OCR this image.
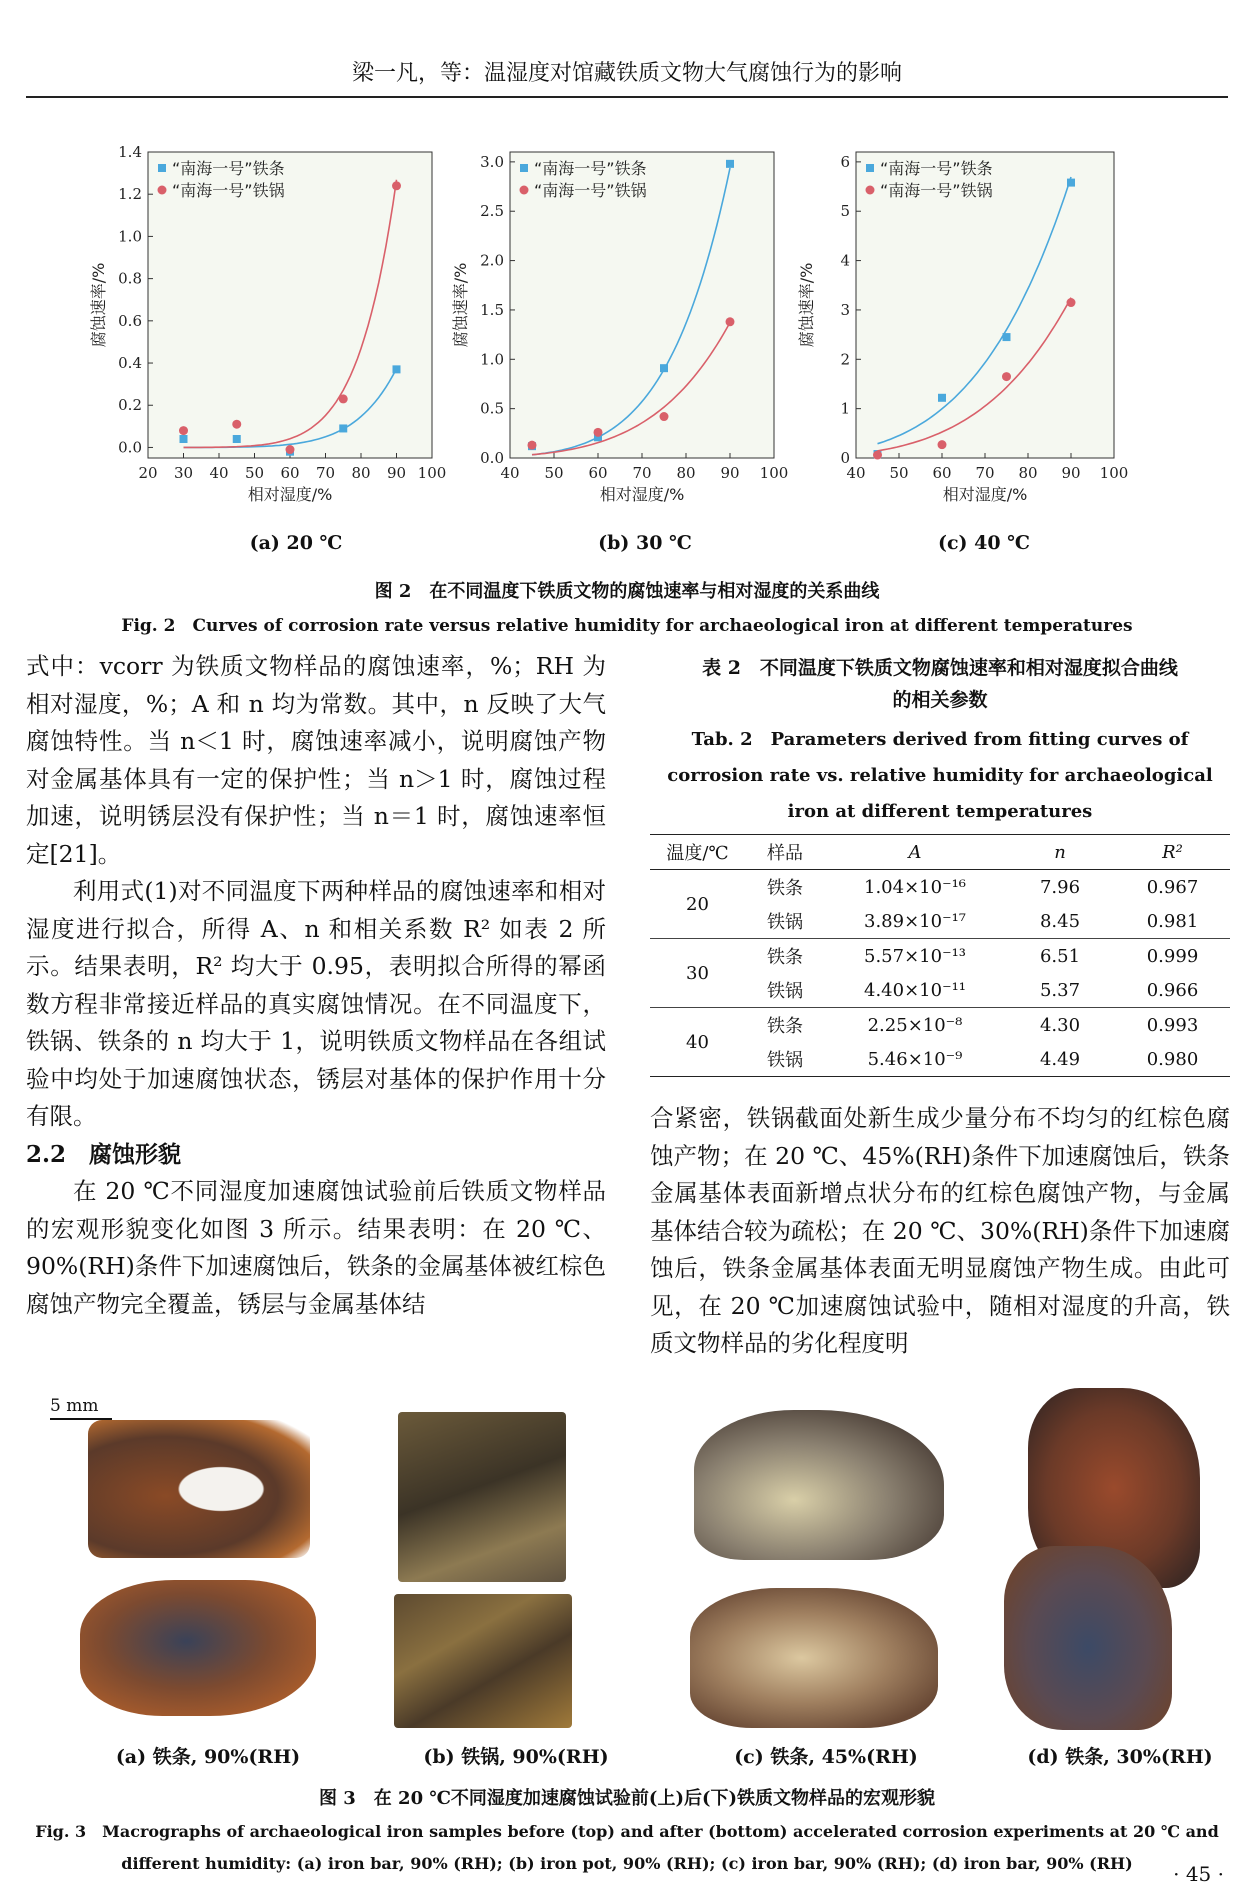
梁一凡，等：温湿度对馆藏铁质文物大气腐蚀行为的影响
20 30 40 50 60 70 80 90 100
0.0
0.2
0.4
0.6
0.8
1.0
1.2
1.4
相对湿度/%
腐蚀速率/%
“南海一号”铁条
“南海一号”铁锅
40 50 60 70 80 90 100
0.0
0.5
1.0
1.5
2.0
2.5
3.0
相对湿度/%
腐蚀速率/%
“南海一号”铁条
“南海一号”铁锅
40 50 60 70 80 90 100
0
1
2
3
4
5
6
相对湿度/%
腐蚀速率/%
“南海一号”铁条
“南海一号”铁锅
(a) 20 ℃	(b) 30 ℃	(c) 40 ℃
图 2　在不同温度下铁质文物的腐蚀速率与相对湿度的关系曲线
Fig. 2　Curves of corrosion rate versus relative humidity for archaeological iron at different temperatures

式中：vcorr 为铁质文物样品的腐蚀速率，%；RH 为相对湿度，%；A 和 n 均为常数。其中，n 反映了大气腐蚀特性。当 n＜1 时，腐蚀速率减小，说明腐蚀产物对金属基体具有一定的保护性；当 n＞1 时，腐蚀过程加速，说明锈层没有保护性；当 n＝1 时，腐蚀速率恒定[21]。

利用式(1)对不同温度下两种样品的腐蚀速率和相对湿度进行拟合，所得 A、n 和相关系数 R² 如表 2 所示。结果表明，R² 均大于 0.95，表明拟合所得的幂函数方程非常接近样品的真实腐蚀情况。在不同温度下，铁锅、铁条的 n 均大于 1，说明铁质文物样品在各组试验中均处于加速腐蚀状态，锈层对基体的保护作用十分有限。

2.2　腐蚀形貌

在 20 ℃不同湿度加速腐蚀试验前后铁质文物样品的宏观形貌变化如图 3 所示。结果表明：在 20 ℃、90%(RH)条件下加速腐蚀后，铁条的金属基体被红棕色腐蚀产物完全覆盖，锈层与金属基体结

表 2　不同温度下铁质文物腐蚀速率和相对湿度拟合曲线
的相关参数
Tab. 2　Parameters derived from fitting curves of
corrosion rate vs. relative humidity for archaeological
iron at different temperatures
温度/℃	样品	A	n	R²
20	铁条	1.04×10⁻¹⁶	7.96	0.967
	铁锅	3.89×10⁻¹⁷	8.45	0.981
30	铁条	5.57×10⁻¹³	6.51	0.999
	铁锅	4.40×10⁻¹¹	5.37	0.966
40	铁条	2.25×10⁻⁸	4.30	0.993
	铁锅	5.46×10⁻⁹	4.49	0.980

合紧密，铁锅截面处新生成少量分布不均匀的红棕色腐蚀产物；在 20 ℃、45%(RH)条件下加速腐蚀后，铁条金属基体表面新增点状分布的红棕色腐蚀产物，与金属基体结合较为疏松；在 20 ℃、30%(RH)条件下加速腐蚀后，铁条金属基体表面无明显腐蚀产物生成。由此可见，在 20 ℃加速腐蚀试验中，随相对湿度的升高，铁质文物样品的劣化程度明

5 mm
(a) 铁条, 90%(RH)	(b) 铁锅, 90%(RH)	(c) 铁条, 45%(RH)	(d) 铁条, 30%(RH)
图 3　在 20 ℃不同湿度加速腐蚀试验前(上)后(下)铁质文物样品的宏观形貌
Fig. 3　Macrographs of archaeological iron samples before (top) and after (bottom) accelerated corrosion experiments at 20 ℃ and
different humidity: (a) iron bar, 90% (RH); (b) iron pot, 90% (RH); (c) iron bar, 90% (RH); (d) iron bar, 90% (RH)	· 45 ·
